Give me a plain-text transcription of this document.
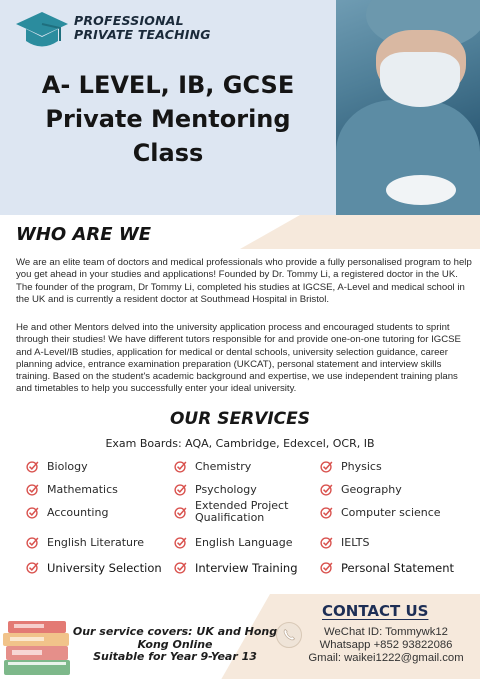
PROFESSIONAL
PRIVATE TEACHING
A- LEVEL, IB, GCSE
Private Mentoring
Class
WHO ARE WE
We are an elite team of doctors and medical professionals who provide a fully personalised program to help you get ahead in your studies and applications! Founded by Dr. Tommy Li, a registered doctor in the UK. The founder of the program, Dr Tommy Li, completed his studies at IGCSE, A-Level and medical school in the UK and is currently a resident doctor at Southmead Hospital in Bristol.
He and other Mentors delved into the university application process and encouraged students to sprint through their studies! We have different tutors responsible for and provide one-on-one tutoring for IGCSE and A-Level/IB studies, application for medical or dental schools, university selection guidance, career planning advice, entrance examination preparation (UKCAT), personal statement and interview skills training. Based on the student's academic background and expertise, we use independent training plans and timetables to help you successfully enter your ideal university.
OUR SERVICES
Exam Boards: AQA, Cambridge, Edexcel, OCR, IB
Biology	Chemistry	Physics
Mathematics	Psychology	Geography
Accounting	Extended Project Qualification	Computer science
English Literature	English Language	IELTS
University Selection	Interview Training	Personal Statement
Our service covers: UK and Hong
Kong Online
Suitable for Year 9-Year 13
CONTACT US
WeChat ID: Tommywk12
Whatsapp +852 93822086
Gmail: waikei1222@gmail.com
